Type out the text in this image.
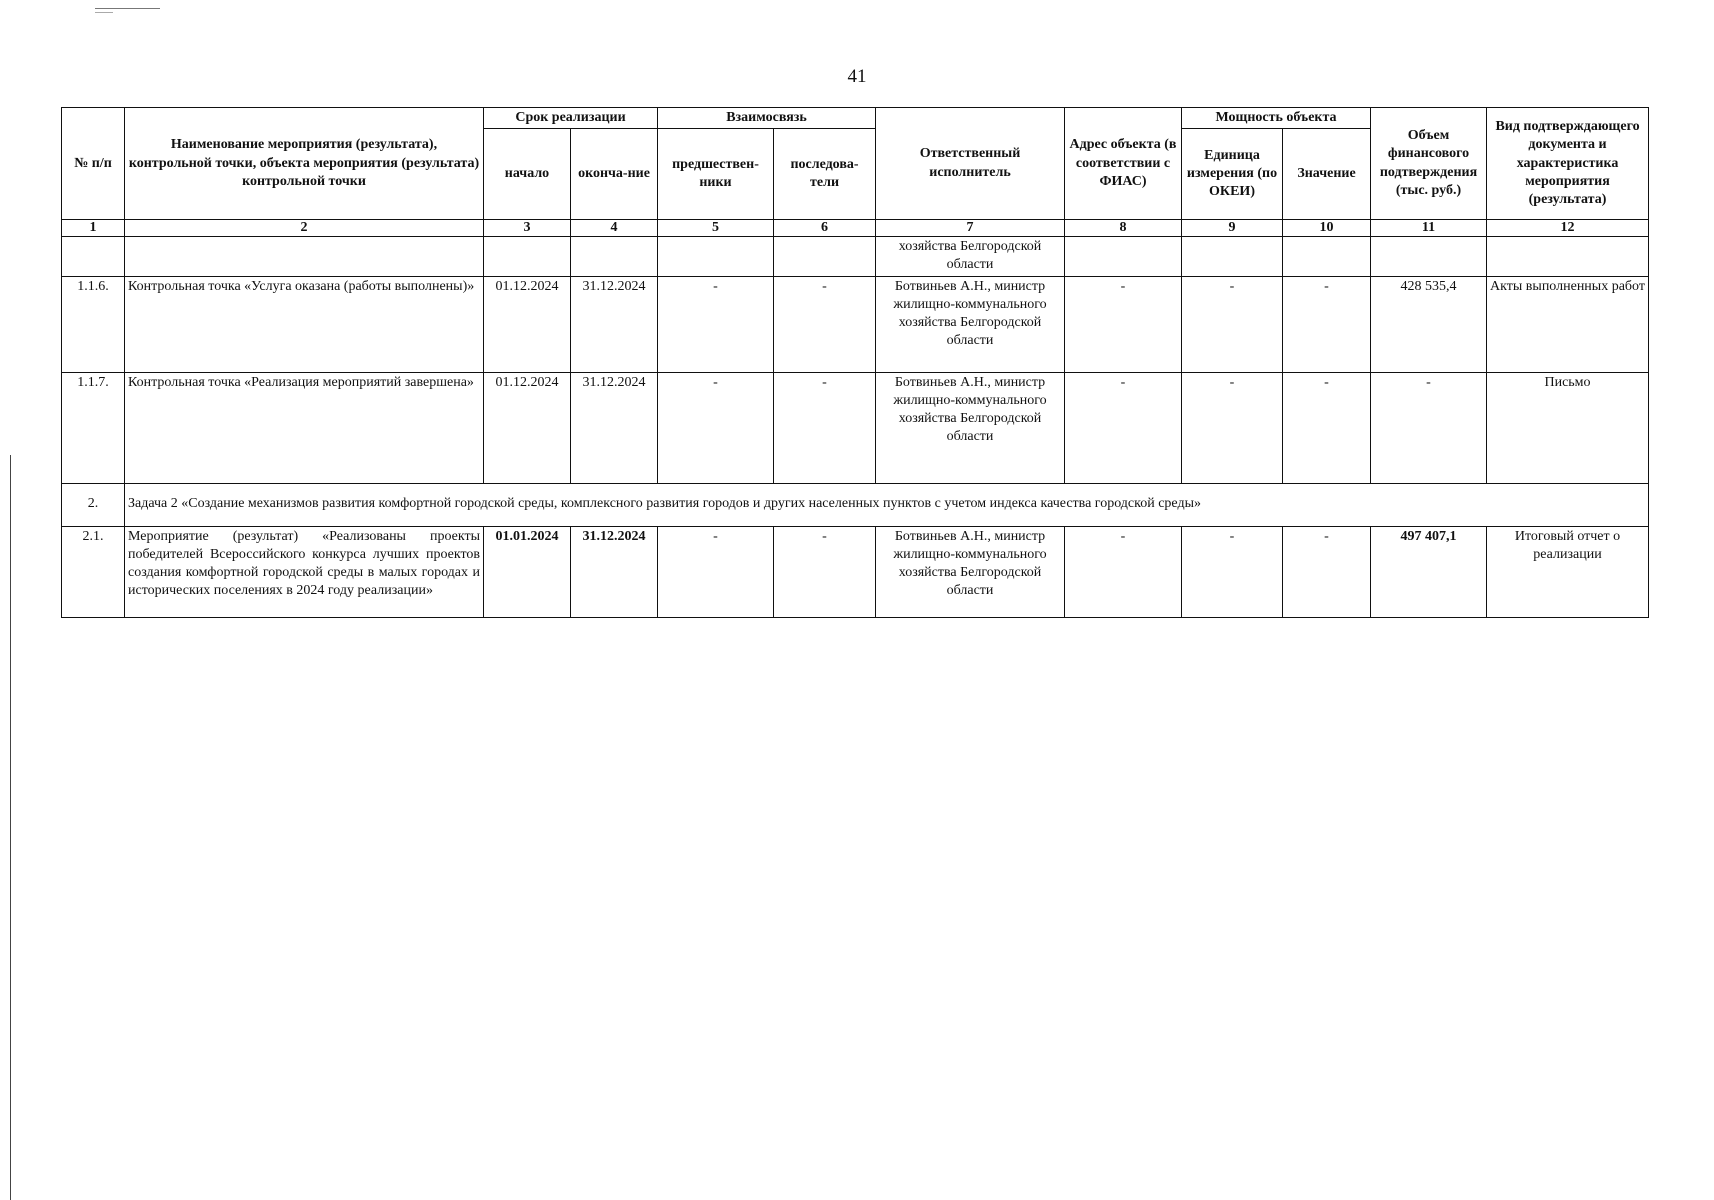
41
№ п/п	Наименование мероприятия (результата), контрольной точки, объекта мероприятия (результата) контрольной точки	Срок реализации		Взаимосвязь		Ответственный исполнитель	Адрес объекта (в соответствии с ФИАС)	Мощность объекта		Объем финансового подтверждения (тыс. руб.)	Вид подтверждающего документа и характеристика мероприятия (результата)
		начало	оконча-ние	предшествен-ники	последова-тели			Единица измерения (по ОКЕИ)	Значение		
1	2	3	4	5	6	7	8	9	10	11	12
						хозяйства Белгородской области					
1.1.6.	Контрольная точка «Услуга оказана (работы выполнены)»	01.12.2024	31.12.2024	-	-	Ботвиньев А.Н., министр жилищно-коммунального хозяйства Белгородской области	-	-	-	428 535,4	Акты выполненных работ
1.1.7.	Контрольная точка «Реализация мероприятий завершена»	01.12.2024	31.12.2024	-	-	Ботвиньев А.Н., министр жилищно-коммунального хозяйства Белгородской области	-	-	-	-	Письмо
2.	Задача 2 «Создание механизмов развития комфортной городской среды, комплексного развития городов и других населенных пунктов с учетом индекса качества городской среды»										
2.1.	Мероприятие (результат) «Реализованы проекты победителей Всероссийского конкурса лучших проектов создания комфортной городской среды в малых городах и исторических поселениях в 2024 году реализации»	01.01.2024	31.12.2024	-	-	Ботвиньев А.Н., министр жилищно-коммунального хозяйства Белгородской области	-	-	-	497 407,1	Итоговый отчет о реализации
